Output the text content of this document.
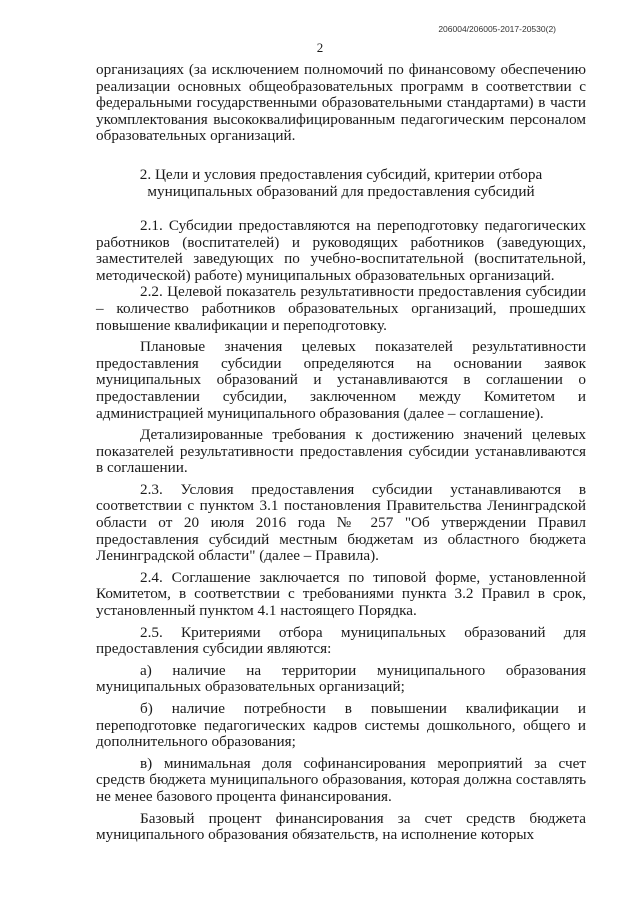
206004/206005-2017-20530(2)
2

организациях (за исключением полномочий по финансовому обеспечению реализации основных общеобразовательных программ в соответствии с федеральными государственными образовательными стандартами) в части укомплектования высококвалифицированным педагогическим персоналом образовательных организаций.

2. Цели и условия предоставления субсидий, критерии отбора
муниципальных образований для предоставления субсидий

2.1. Субсидии предоставляются на переподготовку педагогических работников (воспитателей) и руководящих работников (заведующих, заместителей заведующих по учебно-воспитательной (воспитательной, методической) работе) муниципальных образовательных организаций.

2.2. Целевой показатель результативности предоставления субсидии – количество работников образовательных организаций, прошедших повышение квалификации и переподготовку.

Плановые значения целевых показателей результативности предоставления субсидии определяются на основании заявок муниципальных образований и устанавливаются в соглашении о предоставлении субсидии, заключенном между Комитетом и администрацией муниципального образования (далее – соглашение).

Детализированные требования к достижению значений целевых показателей результативности предоставления субсидии устанавливаются в соглашении.

2.3. Условия предоставления субсидии устанавливаются в соответствии с пунктом 3.1 постановления Правительства Ленинградской области от 20 июля 2016 года № 257 "Об утверждении Правил предоставления субсидий местным бюджетам из областного бюджета Ленинградской области" (далее – Правила).

2.4. Соглашение заключается по типовой форме, установленной Комитетом, в соответствии с требованиями пункта 3.2 Правил в срок, установленный пунктом 4.1 настоящего Порядка.

2.5. Критериями отбора муниципальных образований для предоставления субсидии являются:

а) наличие на территории муниципального образования муниципальных образовательных организаций;

б) наличие потребности в повышении квалификации и переподготовке педагогических кадров системы дошкольного, общего и дополнительного образования;

в) минимальная доля софинансирования мероприятий за счет средств бюджета муниципального образования, которая должна составлять не менее базового процента финансирования.

Базовый процент финансирования за счет средств бюджета муниципального образования обязательств, на исполнение которых
